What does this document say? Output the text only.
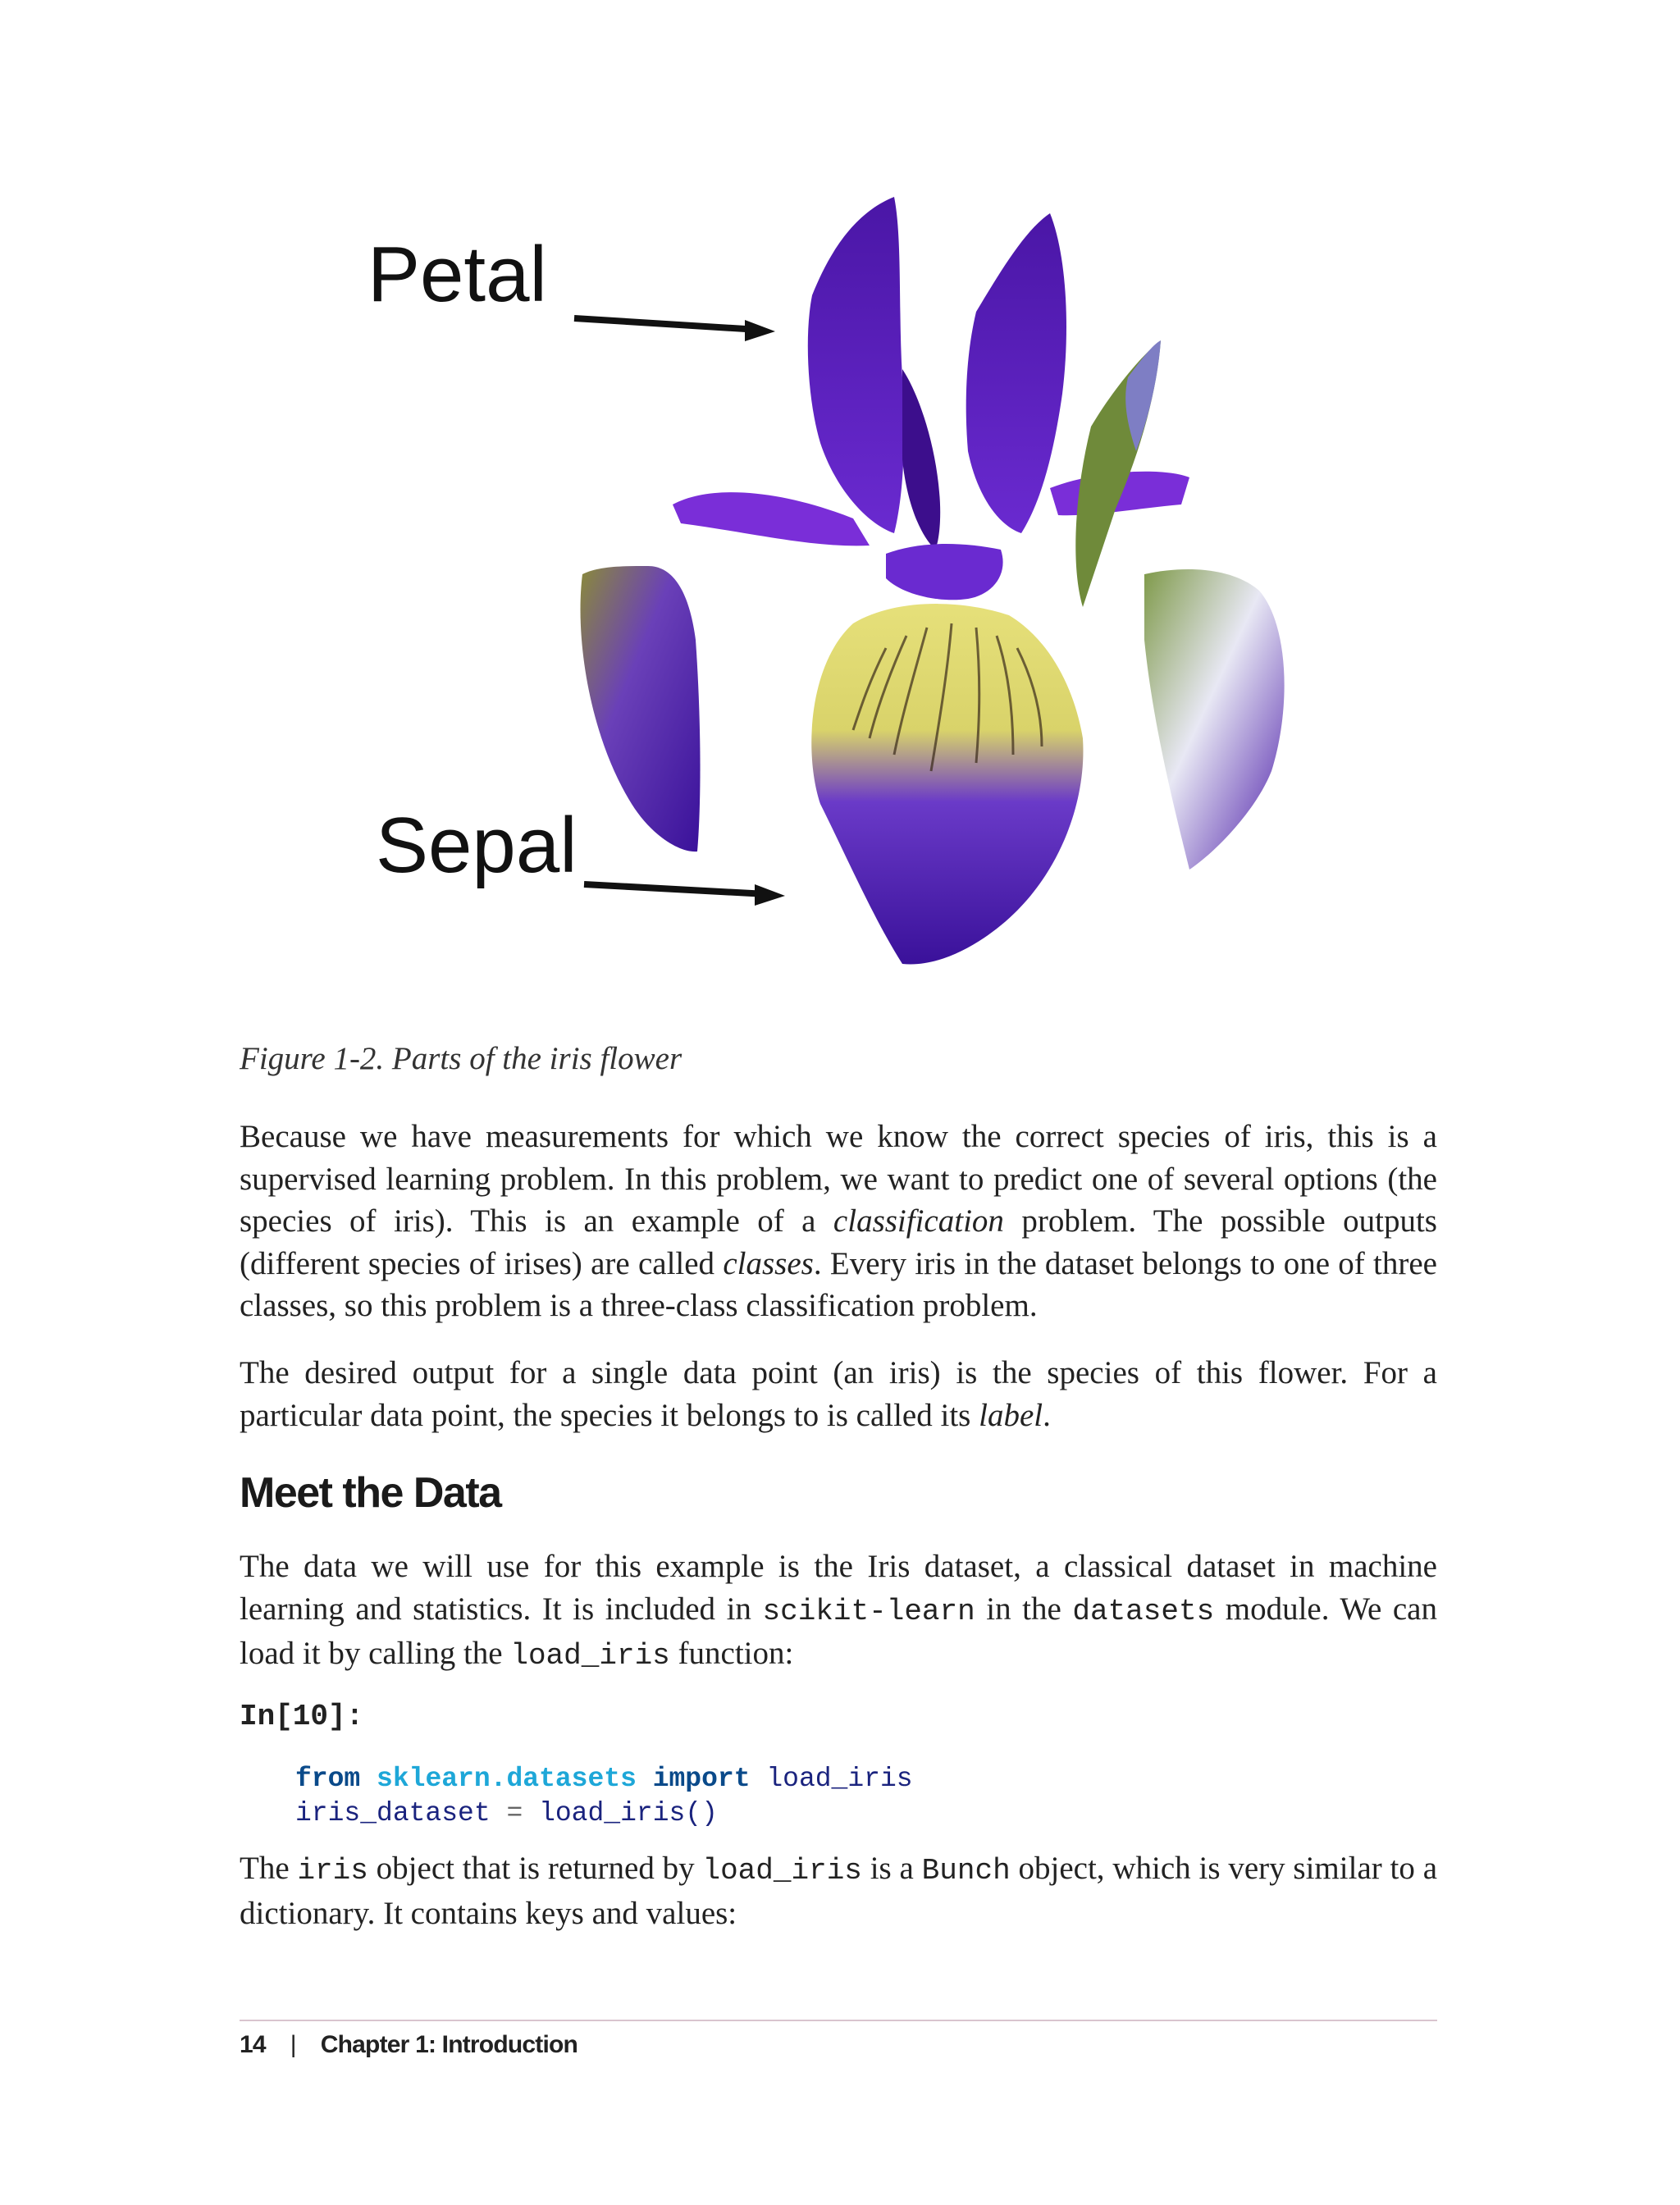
Petal
Sepal
Figure 1-2. Parts of the iris flower

Because we have measurements for which we know the correct species of iris, this is a supervised learning problem. In this problem, we want to predict one of several options (the species of iris). This is an example of a classification problem. The possible outputs (different species of irises) are called classes. Every iris in the dataset belongs to one of three classes, so this problem is a three-class classification problem.

The desired output for a single data point (an iris) is the species of this flower. For a particular data point, the species it belongs to is called its label.

Meet the Data

The data we will use for this example is the Iris dataset, a classical dataset in machine learning and statistics. It is included in scikit-learn in the datasets module. We can load it by calling the load_iris function:

In[10]:
from sklearn.datasets import load_iris
iris_dataset = load_iris()

The iris object that is returned by load_iris is a Bunch object, which is very similar to a dictionary. It contains keys and values:

14 | Chapter 1: Introduction
